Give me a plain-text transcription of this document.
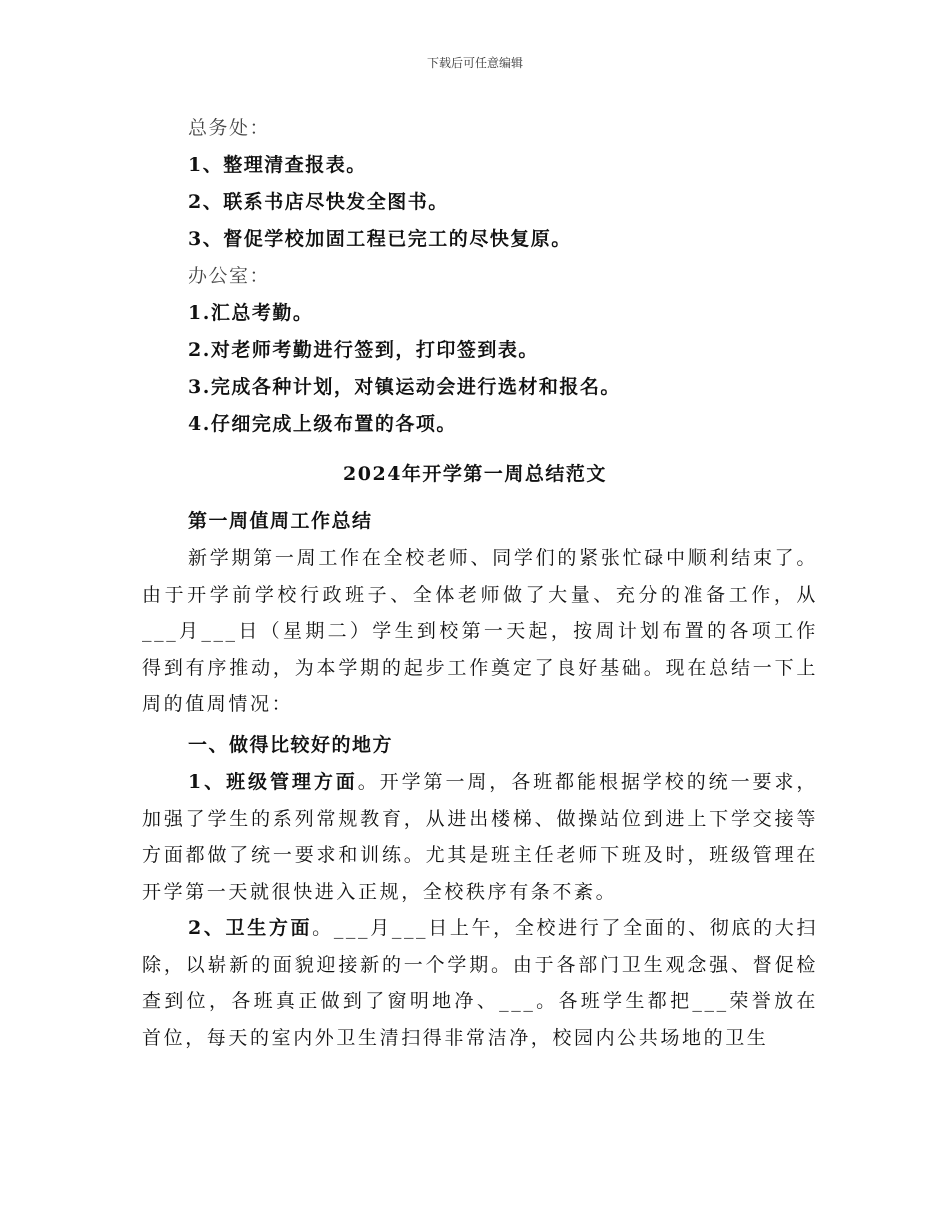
下载后可任意编辑
总务处：
1、整理清查报表。
2、联系书店尽快发全图书。
3、督促学校加固工程已完工的尽快复原。
办公室：
1.汇总考勤。
2.对老师考勤进行签到，打印签到表。
3.完成各种计划，对镇运动会进行选材和报名。
4.仔细完成上级布置的各项。
2024年开学第一周总结范文
第一周值周工作总结

新学期第一周工作在全校老师、同学们的紧张忙碌中顺利结束了。由于开学前学校行政班子、全体老师做了大量、充分的准备工作，从___月___日（星期二）学生到校第一天起，按周计划布置的各项工作得到有序推动，为本学期的起步工作奠定了良好基础。现在总结一下上周的值周情况：

一、做得比较好的地方

1、班级管理方面。开学第一周，各班都能根据学校的统一要求，加强了学生的系列常规教育，从进出楼梯、做操站位到进上下学交接等方面都做了统一要求和训练。尤其是班主任老师下班及时，班级管理在开学第一天就很快进入正规，全校秩序有条不紊。

2、卫生方面。___月___日上午，全校进行了全面的、彻底的大扫除，以崭新的面貌迎接新的一个学期。由于各部门卫生观念强、督促检查到位，各班真正做到了窗明地净、___。各班学生都把___荣誉放在首位，每天的室内外卫生清扫得非常洁净，校园内公共场地的卫生
